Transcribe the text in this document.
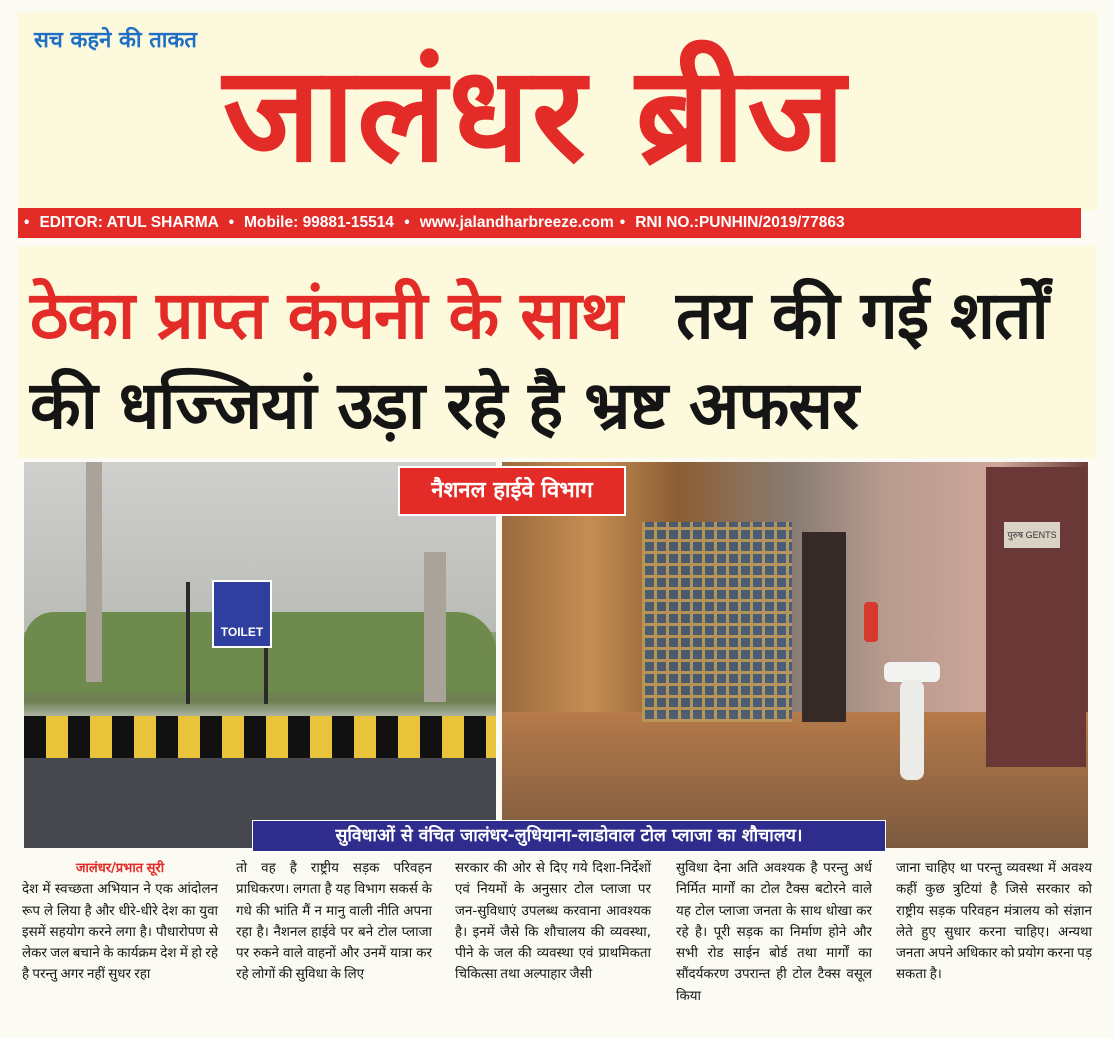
सच कहने की ताकत जालंधर ब्रीज
• EDITOR: ATUL SHARMA • Mobile: 99881-15514 • www.jalandharbreeze.com • RNI NO.:PUNHIN/2019/77863
ठेका प्राप्त कंपनी के साथ तय की गई शर्तों
की धज्जियां उड़ा रहे है भ्रष्ट अफसर
TOILET
पुरुष GENTS
नैशनल हाईवे विभाग
सुविधाओं से वंचित जालंधर-लुधियाना-लाडोवाल टोल प्लाजा का शौचालय।
जालंधर/प्रभात सूरी
देश में स्वच्छता अभियान ने एक आंदोलन रूप ले लिया है और धीरे-धीरे देश का युवा इसमें सहयोग करने लगा है। पौधारोपण से लेकर जल बचाने के कार्यक्रम देश में हो रहे है परन्तु अगर नहीं सुधर रहा
तो वह है राष्ट्रीय सड़क परिवहन प्राधिकरण। लगता है यह विभाग सकर्स के गधे की भांति मैं न मानु वाली नीति अपना रहा है। नैशनल हाईवे पर बने टोल प्लाजा पर रुकने वाले वाहनों और उनमें यात्रा कर रहे लोगों की सुविधा के लिए
सरकार की ओर से दिए गये दिशा-निर्देशों एवं नियमों के अनुसार टोल प्लाजा पर जन-सुविधाएं उपलब्ध करवाना आवश्यक है। इनमें जैसे कि शौचालय की व्यवस्था, पीने के जल की व्यवस्था एवं प्राथमिकता चिकित्सा तथा अल्पाहार जैसी
सुविधा देना अति अवश्यक है परन्तु अर्ध निर्मित मार्गों का टोल टैक्स बटोरने वाले यह टोल प्लाजा जनता के साथ धोखा कर रहे है। पूरी सड़क का निर्माण होने और सभी रोड साईन बोर्ड तथा मार्गों का सौंदर्यकरण उपरान्त ही टोल टैक्स वसूल किया
जाना चाहिए था परन्तु व्यवस्था में अवश्य कहीं कुछ त्रुटियां है जिसे सरकार को राष्ट्रीय सड़क परिवहन मंत्रालय को संज्ञान लेते हुए सुधार करना चाहिए। अन्यथा जनता अपने अधिकार को प्रयोग करना पड़ सकता है।
